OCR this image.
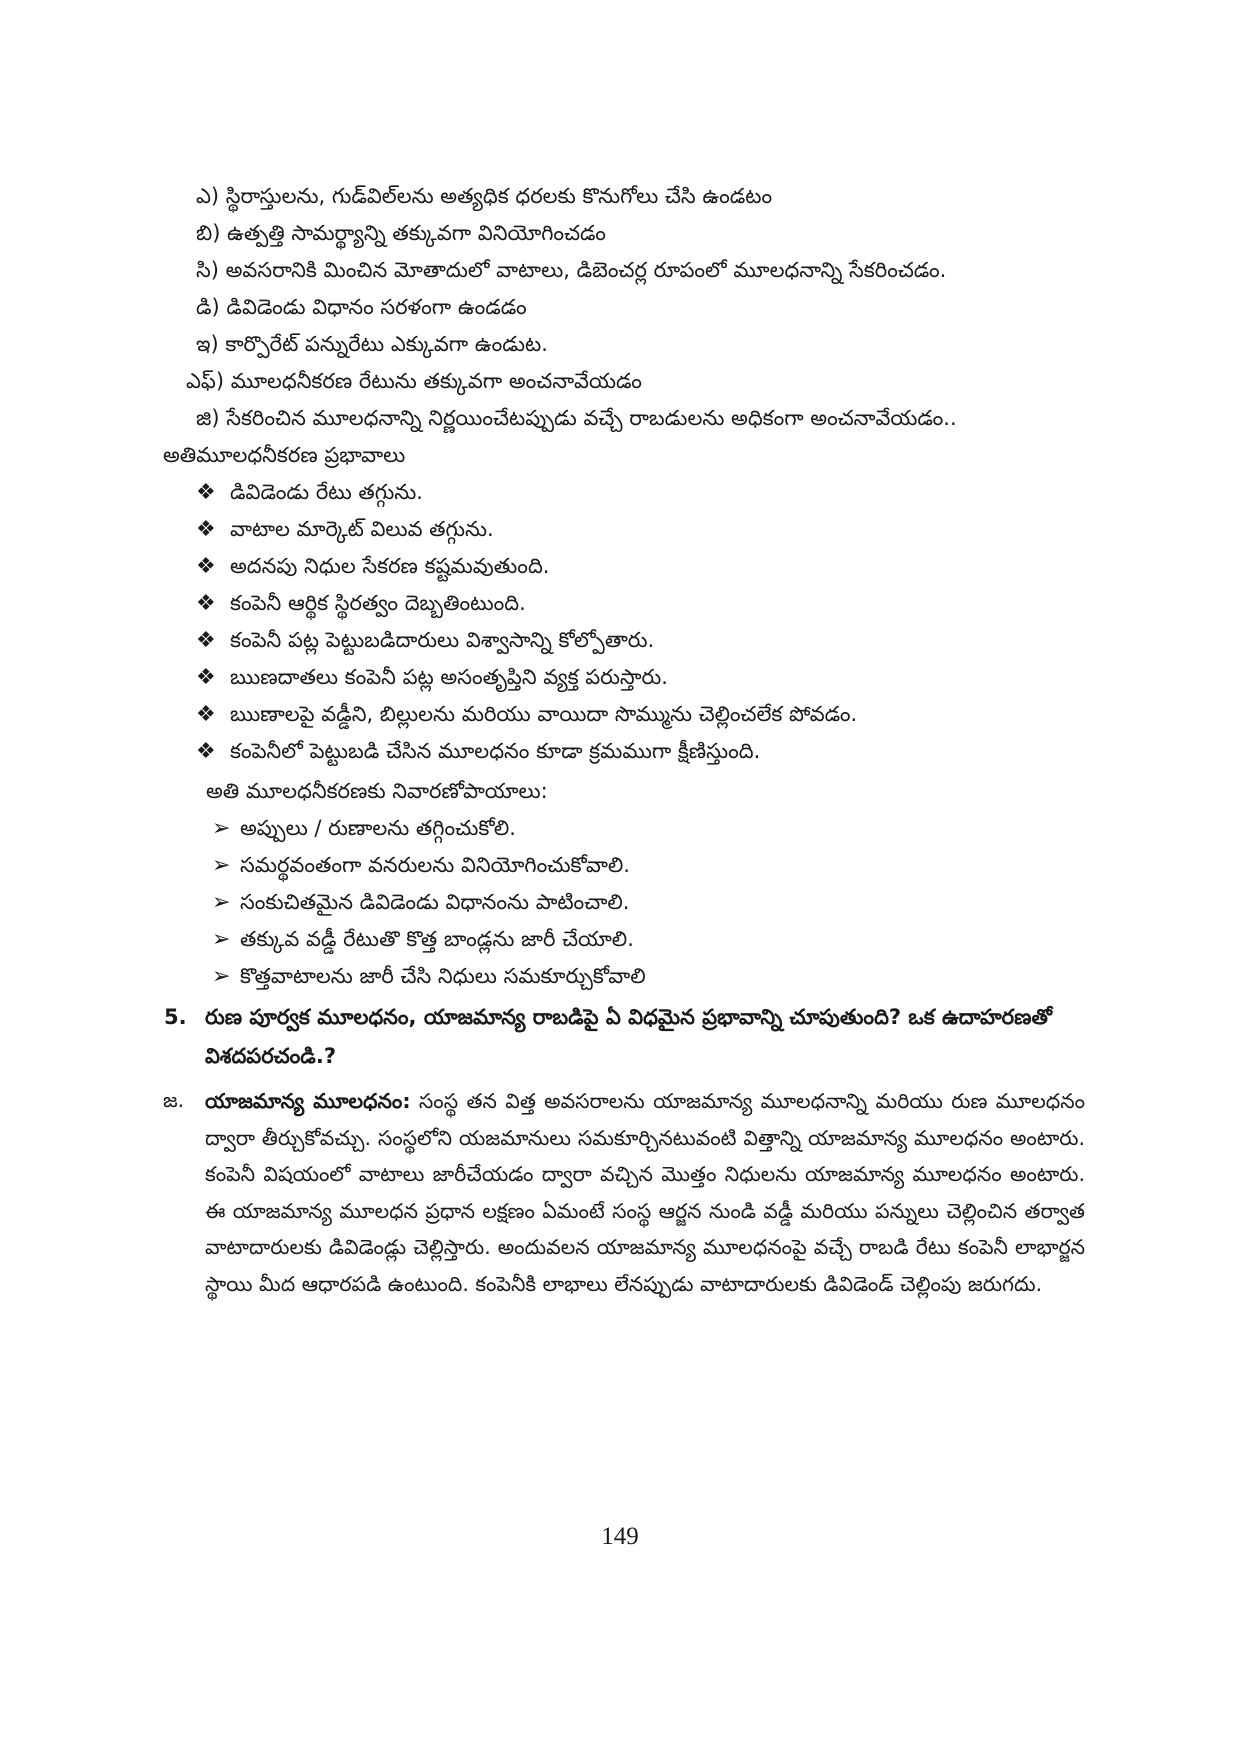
ఎ) స్థిరాస్తులను, గుడ్‌విల్‌లను అత్యధిక ధరలకు కొనుగోలు చేసి ఉండటం
బి) ఉత్పత్తి సామర్థ్యాన్ని తక్కువగా వినియోగించడం
సి) అవసరానికి మించిన మోతాదులో వాటాలు, డిబెంచర్ల రూపంలో మూలధనాన్ని సేకరించడం.
డి) డివిడెండు విధానం సరళంగా ఉండడం
ఇ) కార్పొరేట్ పన్నురేటు ఎక్కువగా ఉండుట.
ఎఫ్) మూలధనీకరణ రేటును తక్కువగా అంచనావేయడం
జి) సేకరించిన మూలధనాన్ని నిర్ణయించేటప్పుడు వచ్చే రాబడులను అధికంగా అంచనావేయడం..
అతిమూలధనీకరణ ప్రభావాలు
❖ డివిడెండు రేటు తగ్గును.
❖ వాటాల మార్కెట్ విలువ తగ్గును.
❖ అదనపు నిధుల సేకరణ కష్టమవుతుంది.
❖ కంపెనీ ఆర్థిక స్థిరత్వం దెబ్బతింటుంది.
❖ కంపెనీ పట్ల పెట్టుబడిదారులు విశ్వాసాన్ని కోల్పోతారు.
❖ ఋణదాతలు కంపెనీ పట్ల అసంతృప్తిని వ్యక్త పరుస్తారు.
❖ ఋణాలపై వడ్డీని, బిల్లులను మరియు వాయిదా సొమ్మును చెల్లించలేక పోవడం.
❖ కంపెనీలో పెట్టుబడి చేసిన మూలధనం కూడా క్రమముగా క్షీణిస్తుంది.
అతి మూలధనీకరణకు నివారణోపాయాలు:
➢ అప్పులు / రుణాలను తగ్గించుకోలి.
➢ సమర్థవంతంగా వనరులను వినియోగించుకోవాలి.
➢ సంకుచితమైన డివిడెండు విధానంను పాటించాలి.
➢ తక్కువ వడ్డీ రేటుతొ కొత్త బాండ్లను జారీ చేయాలి.
➢ కొత్తవాటాలను జారీ చేసి నిధులు సమకూర్చుకోవాలి
5. రుణ పూర్వక మూలధనం, యాజమాన్య రాబడిపై ఏ విధమైన ప్రభావాన్ని చూపుతుంది? ఒక ఉదాహరణతో
విశదపరచండి.?
జ. యాజమాన్య మూలధనం: సంస్థ తన విత్త అవసరాలను యాజమాన్య మూలధనాన్ని మరియు రుణ మూలధనం ద్వారా తీర్చుకోవచ్చు. సంస్థలోని యజమానులు సమకూర్చినటువంటి విత్తాన్ని యాజమాన్య మూలధనం అంటారు. కంపెనీ విషయంలో వాటాలు జారీచేయడం ద్వారా వచ్చిన మొత్తం నిధులను యాజమాన్య మూలధనం అంటారు. ఈ యాజమాన్య మూలధన ప్రధాన లక్షణం ఏమంటే సంస్థ ఆర్జన నుండి వడ్డీ మరియు పన్నులు చెల్లించిన తర్వాత వాటాదారులకు డివిడెండ్లు చెల్లిస్తారు. అందువలన యాజమాన్య మూలధనంపై వచ్చే రాబడి రేటు కంపెనీ లాభార్జన స్థాయి మీద ఆధారపడి ఉంటుంది. కంపెనీకి లాభాలు లేనప్పుడు వాటాదారులకు డివిడెండ్ చెల్లింపు జరుగదు.
149
